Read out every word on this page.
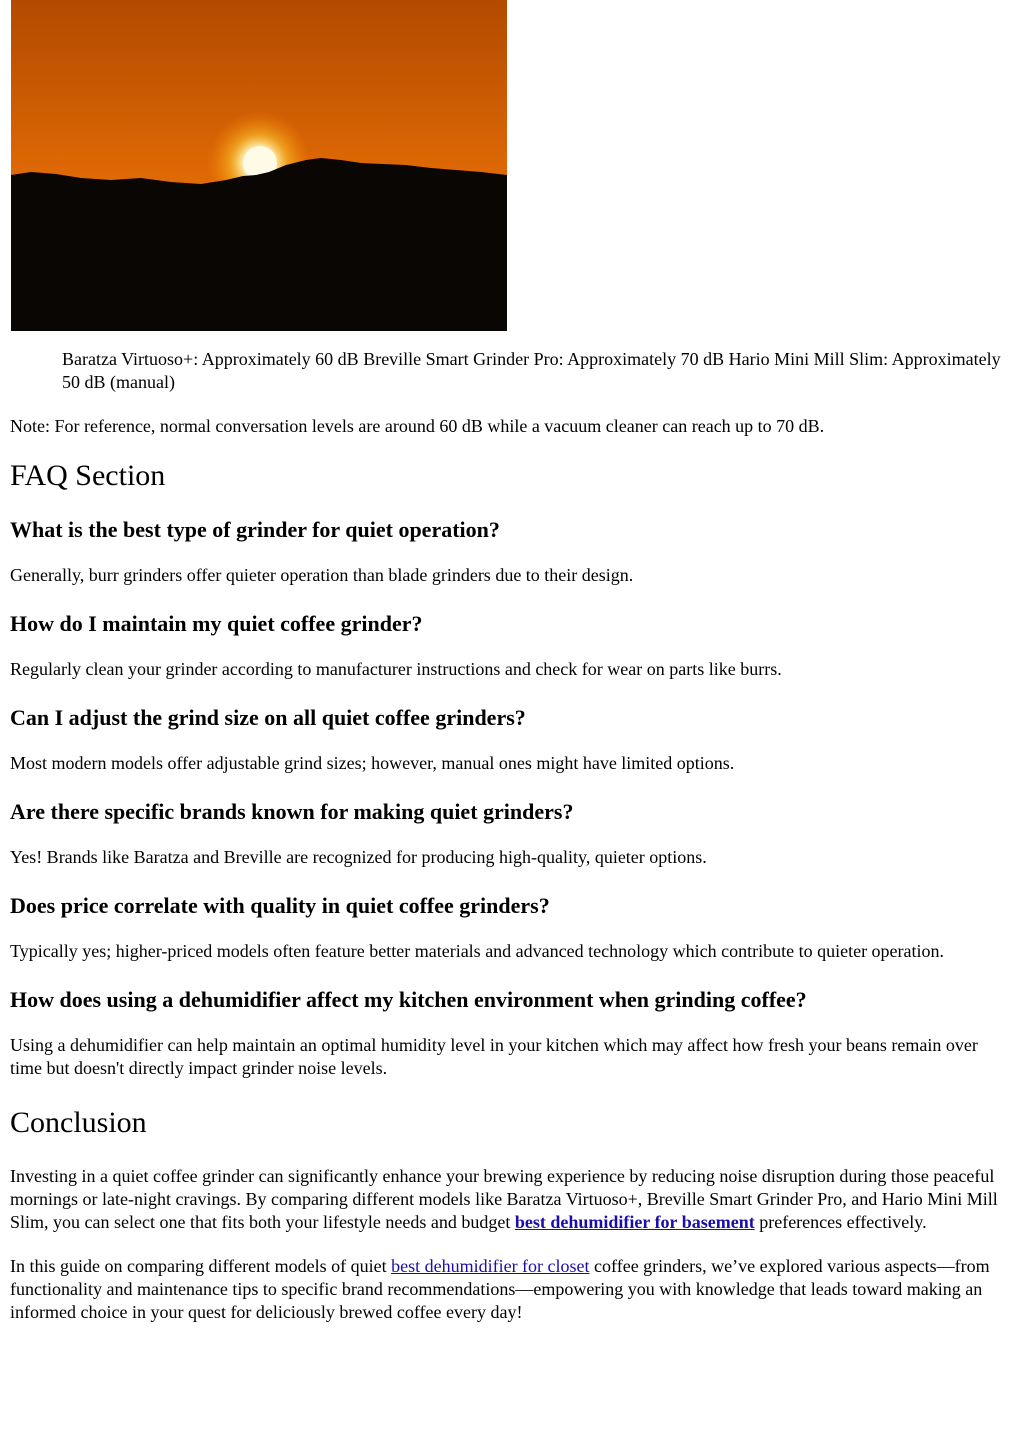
Baratza Virtuoso+: Approximately 60 dB Breville Smart Grinder Pro: Approximately 70 dB Hario Mini Mill Slim: Approximately 50 dB (manual)

Note: For reference, normal conversation levels are around 60 dB while a vacuum cleaner can reach up to 70 dB.

FAQ Section
What is the best type of grinder for quiet operation?

Generally, burr grinders offer quieter operation than blade grinders due to their design.

How do I maintain my quiet coffee grinder?

Regularly clean your grinder according to manufacturer instructions and check for wear on parts like burrs.

Can I adjust the grind size on all quiet coffee grinders?

Most modern models offer adjustable grind sizes; however, manual ones might have limited options.

Are there specific brands known for making quiet grinders?

Yes! Brands like Baratza and Breville are recognized for producing high-quality, quieter options.

Does price correlate with quality in quiet coffee grinders?

Typically yes; higher-priced models often feature better materials and advanced technology which contribute to quieter operation.

How does using a dehumidifier affect my kitchen environment when grinding coffee?

Using a dehumidifier can help maintain an optimal humidity level in your kitchen which may affect how fresh your beans remain over time but doesn't directly impact grinder noise levels.

Conclusion

Investing in a quiet coffee grinder can significantly enhance your brewing experience by reducing noise disruption during those peaceful mornings or late-night cravings. By comparing different models like Baratza Virtuoso+, Breville Smart Grinder Pro, and Hario Mini Mill Slim, you can select one that fits both your lifestyle needs and budget best dehumidifier for basement preferences effectively.

In this guide on comparing different models of quiet best dehumidifier for closet coffee grinders, we’ve explored various aspects—from functionality and maintenance tips to specific brand recommendations—empowering you with knowledge that leads toward making an informed choice in your quest for deliciously brewed coffee every day!
